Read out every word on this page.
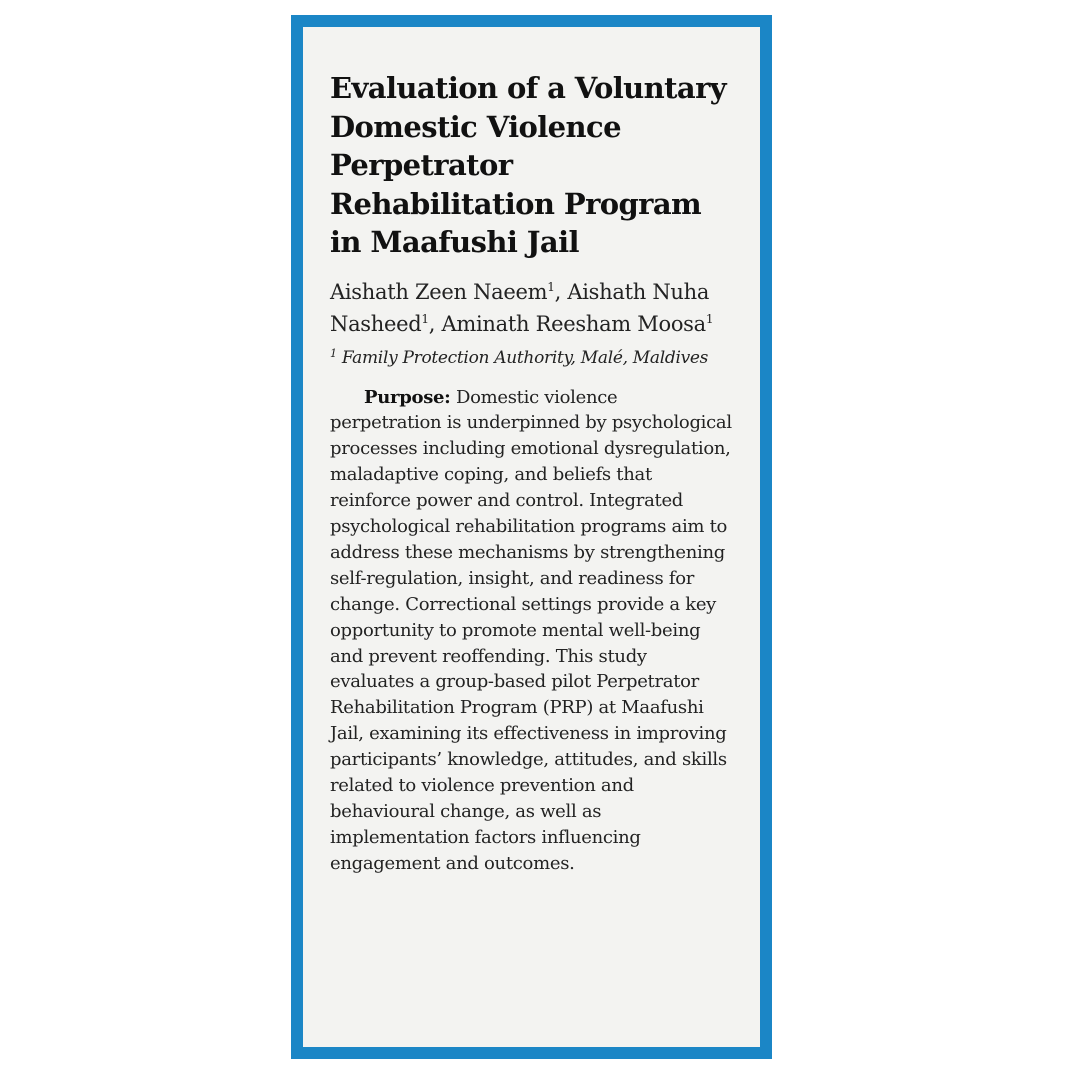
Evaluation of a Voluntary Domestic Violence Perpetrator Rehabilitation Program in Maafushi Jail

Aishath Zeen Naeem$^1$, Aishath Nuha Nasheed$^1$, Aminath Reesham Moosa$^1$

$^1$ Family Protection Authority, Malé, Maldives

Purpose: Domestic violence perpetration is underpinned by psychological processes including emotional dysregulation, maladaptive coping, and beliefs that reinforce power and control. Integrated psychological rehabilitation programs aim to address these mechanisms by strengthening self-regulation, insight, and readiness for change. Correctional settings provide a key opportunity to promote mental well-being and prevent reoffending. This study evaluates a group-based pilot Perpetrator Rehabilitation Program (PRP) at Maafushi Jail, examining its effectiveness in improving participants’ knowledge, attitudes, and skills related to violence prevention and behavioural change, as well as implementation factors influencing engagement and outcomes.
